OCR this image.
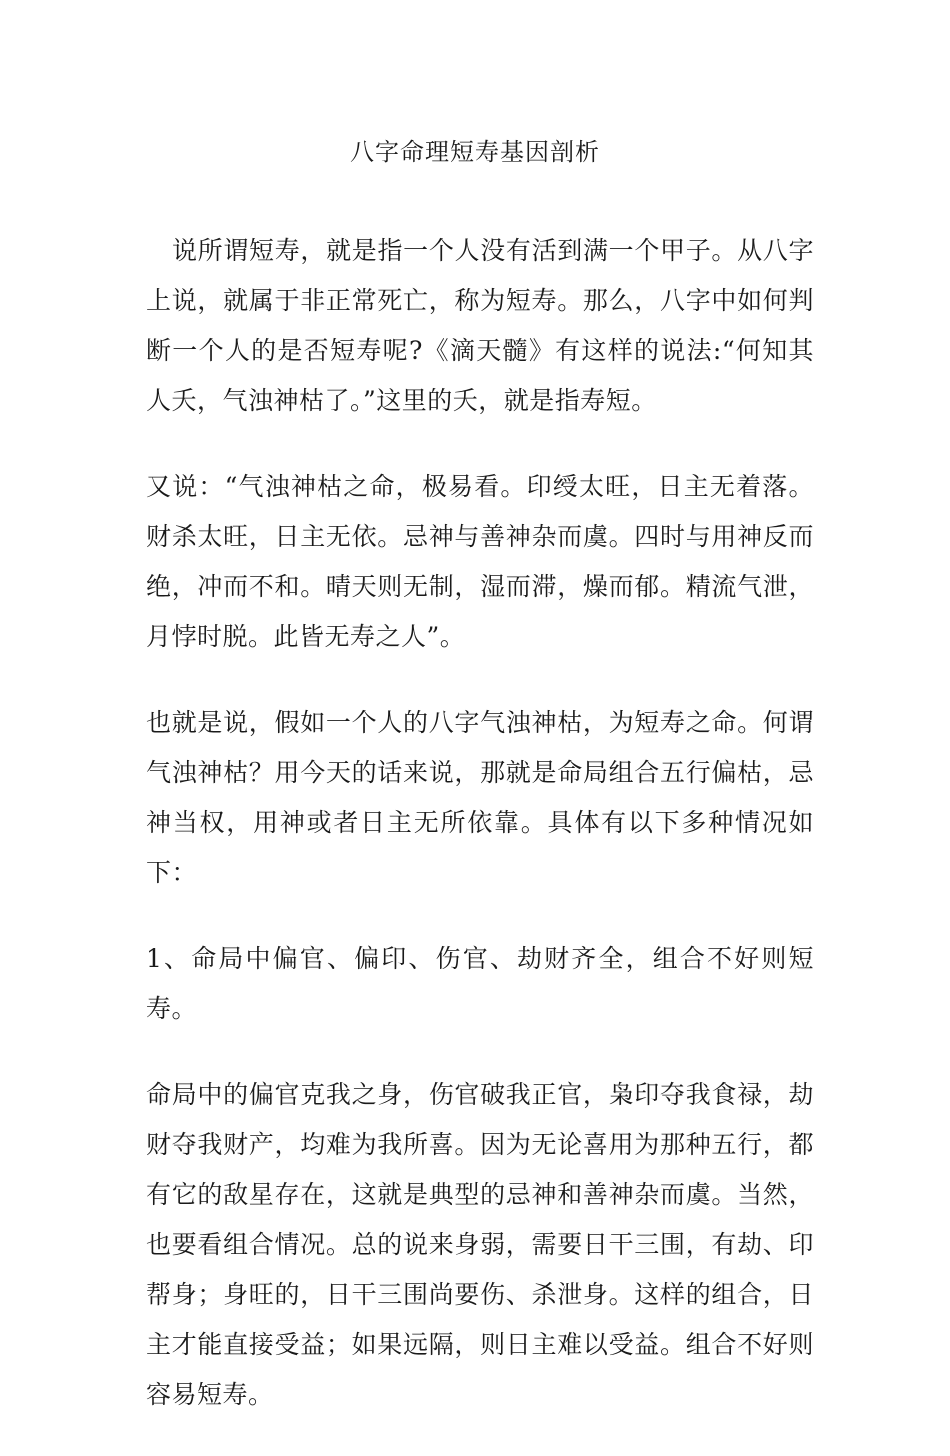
八字命理短寿基因剖析

说所谓短寿，就是指一个人没有活到满一个甲子。从八字上说，就属于非正常死亡，称为短寿。那么，八字中如何判断一个人的是否短寿呢?《滴天髓》有这样的说法:“何知其人夭，气浊神枯了。”这里的夭，就是指寿短。

又说：“气浊神枯之命，极易看。印绶太旺，日主无着落。财杀太旺，日主无依。忌神与善神杂而虞。四时与用神反而绝，冲而不和。晴天则无制，湿而滞，燥而郁。精流气泄，月悖时脱。此皆无寿之人”。

也就是说，假如一个人的八字气浊神枯，为短寿之命。何谓气浊神枯？用今天的话来说，那就是命局组合五行偏枯，忌神当权，用神或者日主无所依靠。具体有以下多种情况如下：

1、命局中偏官、偏印、伤官、劫财齐全，组合不好则短寿。

命局中的偏官克我之身，伤官破我正官，枭印夺我食禄，劫财夺我财产，均难为我所喜。因为无论喜用为那种五行，都有它的敌星存在，这就是典型的忌神和善神杂而虞。当然，也要看组合情况。总的说来身弱，需要日干三围，有劫、印帮身；身旺的，日干三围尚要伤、杀泄身。这样的组合，日主才能直接受益；如果远隔，则日主难以受益。组合不好则容易短寿。
